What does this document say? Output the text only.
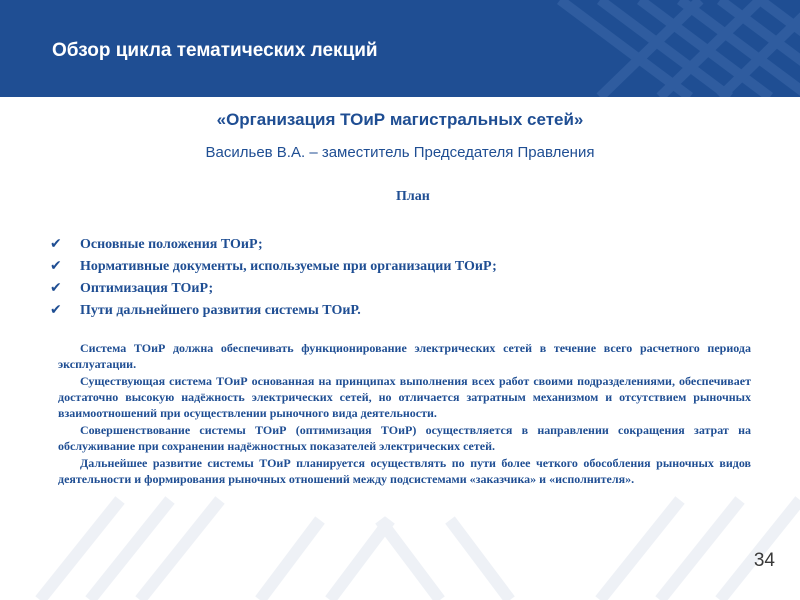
Обзор цикла тематических лекций
«Организация ТОиР магистральных сетей»
Васильев В.А. – заместитель Председателя Правления
План
✔ Основные положения ТОиР;
✔ Нормативные документы, используемые при организации ТОиР;
✔ Оптимизация ТОиР;
✔ Пути дальнейшего развития системы ТОиР.

Система ТОиР должна обеспечивать функционирование электрических сетей в течение всего расчетного периода эксплуатации.

Существующая система ТОиР основанная на принципах выполнения всех работ своими подразделениями, обеспечивает достаточно высокую надёжность электрических сетей, но отличается затратным механизмом и отсутствием рыночных взаимоотношений при осуществлении рыночного вида деятельности.

Совершенствование системы ТОиР (оптимизация ТОиР) осуществляется в направлении сокращения затрат на обслуживание при сохранении надёжностных показателей электрических сетей.

Дальнейшее развитие системы ТОиР планируется осуществлять по пути более четкого обособления рыночных видов деятельности и формирования рыночных отношений между подсистемами «заказчика» и «исполнителя».

34
